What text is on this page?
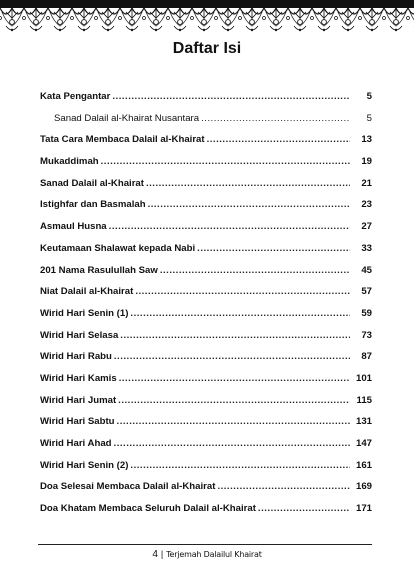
Daftar Isi
Kata Pengantar .....	5
Sanad Dalail al-Khairat Nusantara .....	5
Tata Cara Membaca Dalail al-Khairat .....	13
Mukaddimah .....	19
Sanad Dalail al-Khairat .....	21
Istighfar dan Basmalah .....	23
Asmaul Husna .....	27
Keutamaan Shalawat kepada Nabi .....	33
201 Nama Rasulullah Saw .....	45
Niat Dalail al-Khairat .....	57
Wirid Hari Senin (1) .....	59
Wirid Hari Selasa .....	73
Wirid Hari Rabu .....	87
Wirid Hari Kamis .....	101
Wirid Hari Jumat .....	115
Wirid Hari Sabtu .....	131
Wirid Hari Ahad .....	147
Wirid Hari Senin (2) .....	161
Doa Selesai Membaca Dalail al-Khairat .....	169
Doa Khatam Membaca Seluruh Dalail al-Khairat .....	171
4 | Terjemah Dalailul Khairat
